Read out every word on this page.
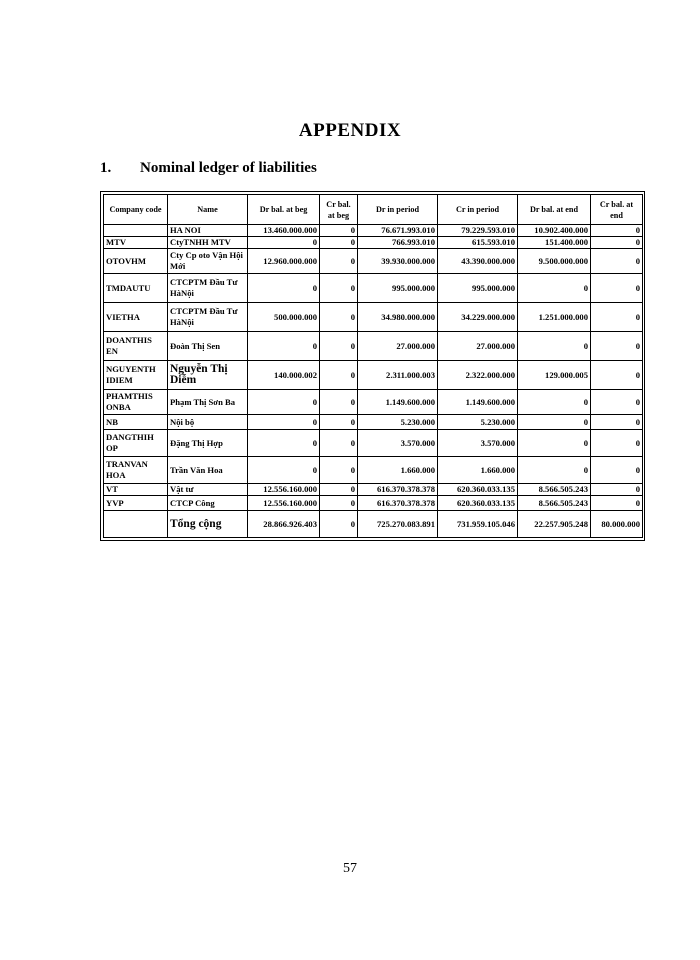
APPENDIX
1. Nominal ledger of liabilities
Company code	Name	Dr bal. at beg	Cr bal. at beg	Dr in period	Cr in period	Dr bal. at end	Cr bal. at end
	HA NOI	13.460.000.000	0	76.671.993.010	79.229.593.010	10.902.400.000	0
MTV	CtyTNHH MTV	0	0	766.993.010	615.593.010	151.400.000	0
OTOVHM	Cty Cp oto Vận Hội Mới	12.960.000.000	0	39.930.000.000	43.390.000.000	9.500.000.000	0
TMDAUTU	CTCPTM Đầu Tư HàNội	0	0	995.000.000	995.000.000	0	0
VIETHA	CTCPTM Đầu Tư HàNội	500.000.000	0	34.980.000.000	34.229.000.000	1.251.000.000	0
DOANTHIS EN	Đoàn Thị Sen	0	0	27.000.000	27.000.000	0	0
NGUYENTH IDIEM	Nguyễn Thị Diễm	140.000.002	0	2.311.000.003	2.322.000.000	129.000.005	0
PHAMTHIS ONBA	Phạm Thị Sơn Ba	0	0	1.149.600.000	1.149.600.000	0	0
NB	Nội bộ	0	0	5.230.000	5.230.000	0	0
DANGTHIH OP	Đặng Thị Hợp	0	0	3.570.000	3.570.000	0	0
TRANVAN HOA	Trần Văn Hoa	0	0	1.660.000	1.660.000	0	0
VT	Vật tư	12.556.160.000	0	616.370.378.378	620.360.033.135	8.566.505.243	0
YVP	CTCP Công	12.556.160.000	0	616.370.378.378	620.360.033.135	8.566.505.243	0
	Tổng cộng	28.866.926.403	0	725.270.083.891	731.959.105.046	22.257.905.248	80.000.000
57
